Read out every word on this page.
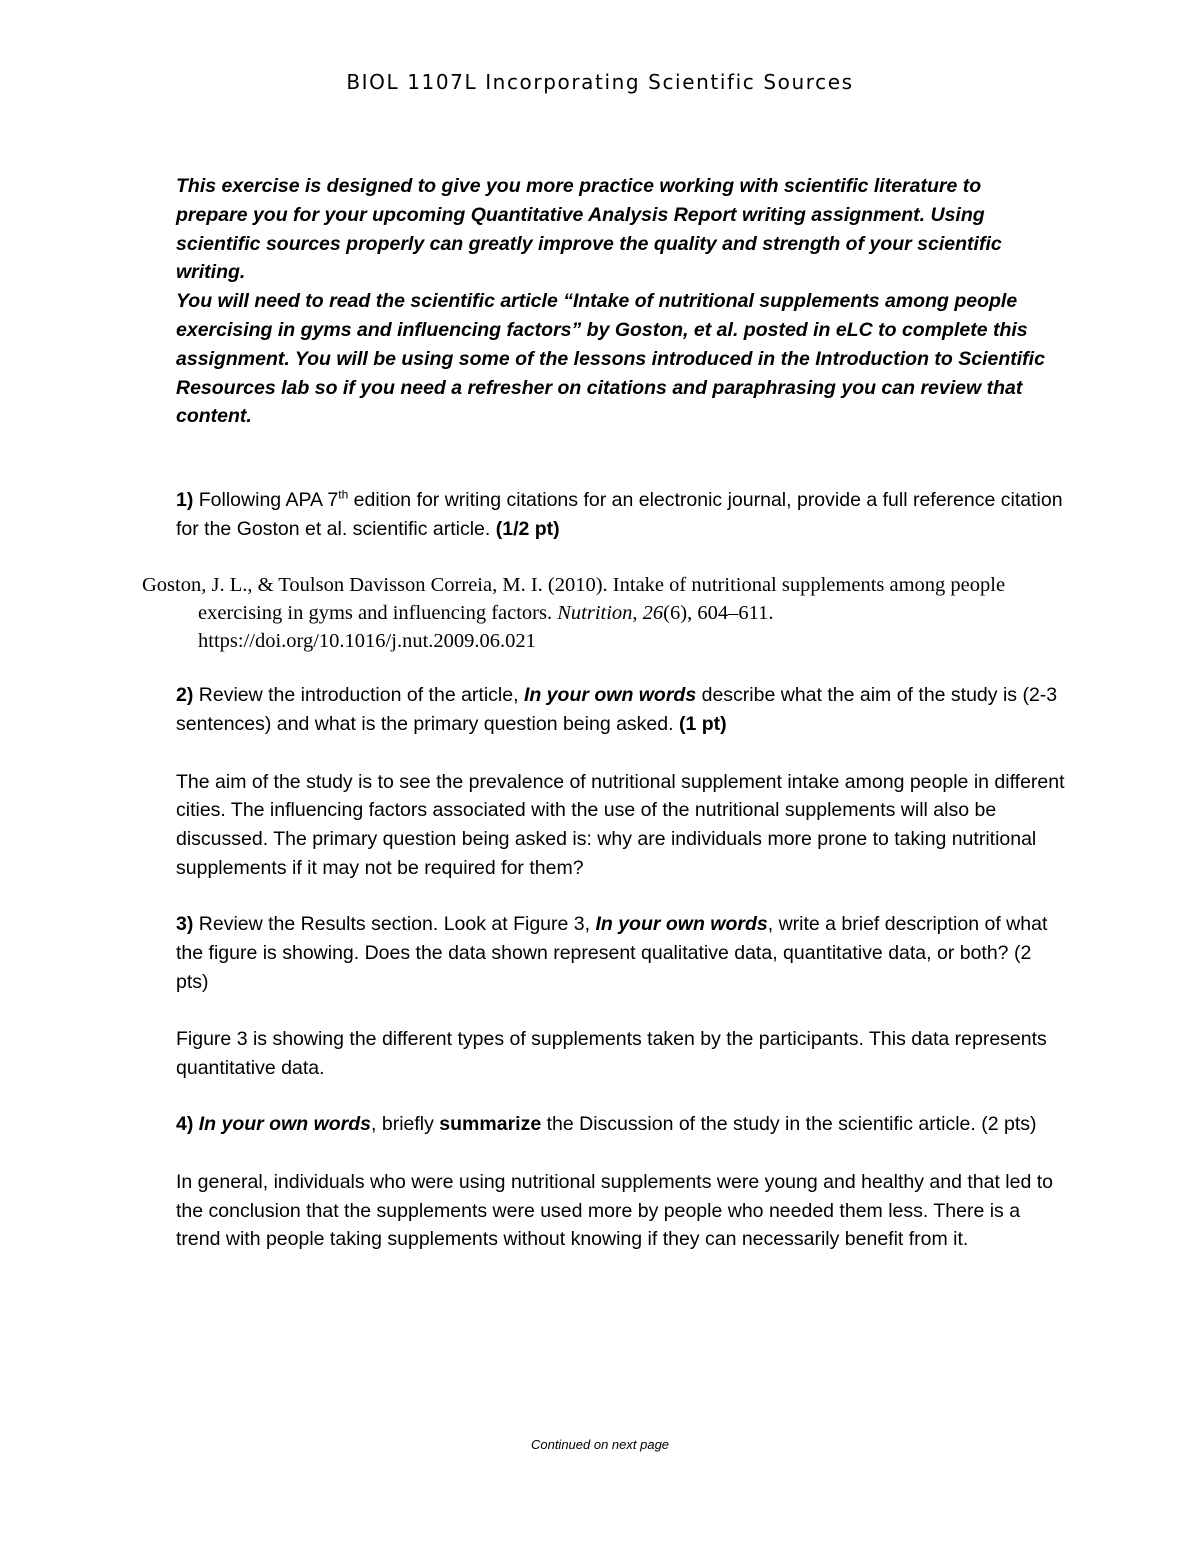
BIOL 1107L Incorporating Scientific Sources

This exercise is designed to give you more practice working with scientific literature to prepare you for your upcoming Quantitative Analysis Report writing assignment. Using scientific sources properly can greatly improve the quality and strength of your scientific writing.

You will need to read the scientific article “Intake of nutritional supplements among people exercising in gyms and influencing factors” by Goston, et al. posted in eLC to complete this assignment. You will be using some of the lessons introduced in the Introduction to Scientific Resources lab so if you need a refresher on citations and paraphrasing you can review that content.

1) Following APA 7th edition for writing citations for an electronic journal, provide a full reference citation for the Goston et al. scientific article. (1/2 pt)

Goston, J. L., & Toulson Davisson Correia, M. I. (2010). Intake of nutritional supplements among people exercising in gyms and influencing factors. Nutrition, 26(6), 604–611. https://doi.org/10.1016/j.nut.2009.06.021

2) Review the introduction of the article, In your own words describe what the aim of the study is (2-3 sentences) and what is the primary question being asked. (1 pt)

The aim of the study is to see the prevalence of nutritional supplement intake among people in different cities. The influencing factors associated with the use of the nutritional supplements will also be discussed. The primary question being asked is: why are individuals more prone to taking nutritional supplements if it may not be required for them?

3) Review the Results section. Look at Figure 3, In your own words, write a brief description of what the figure is showing. Does the data shown represent qualitative data, quantitative data, or both? (2 pts)

Figure 3 is showing the different types of supplements taken by the participants. This data represents quantitative data.

4) In your own words, briefly summarize the Discussion of the study in the scientific article. (2 pts)

In general, individuals who were using nutritional supplements were young and healthy and that led to the conclusion that the supplements were used more by people who needed them less. There is a trend with people taking supplements without knowing if they can necessarily benefit from it.

Continued on next page
